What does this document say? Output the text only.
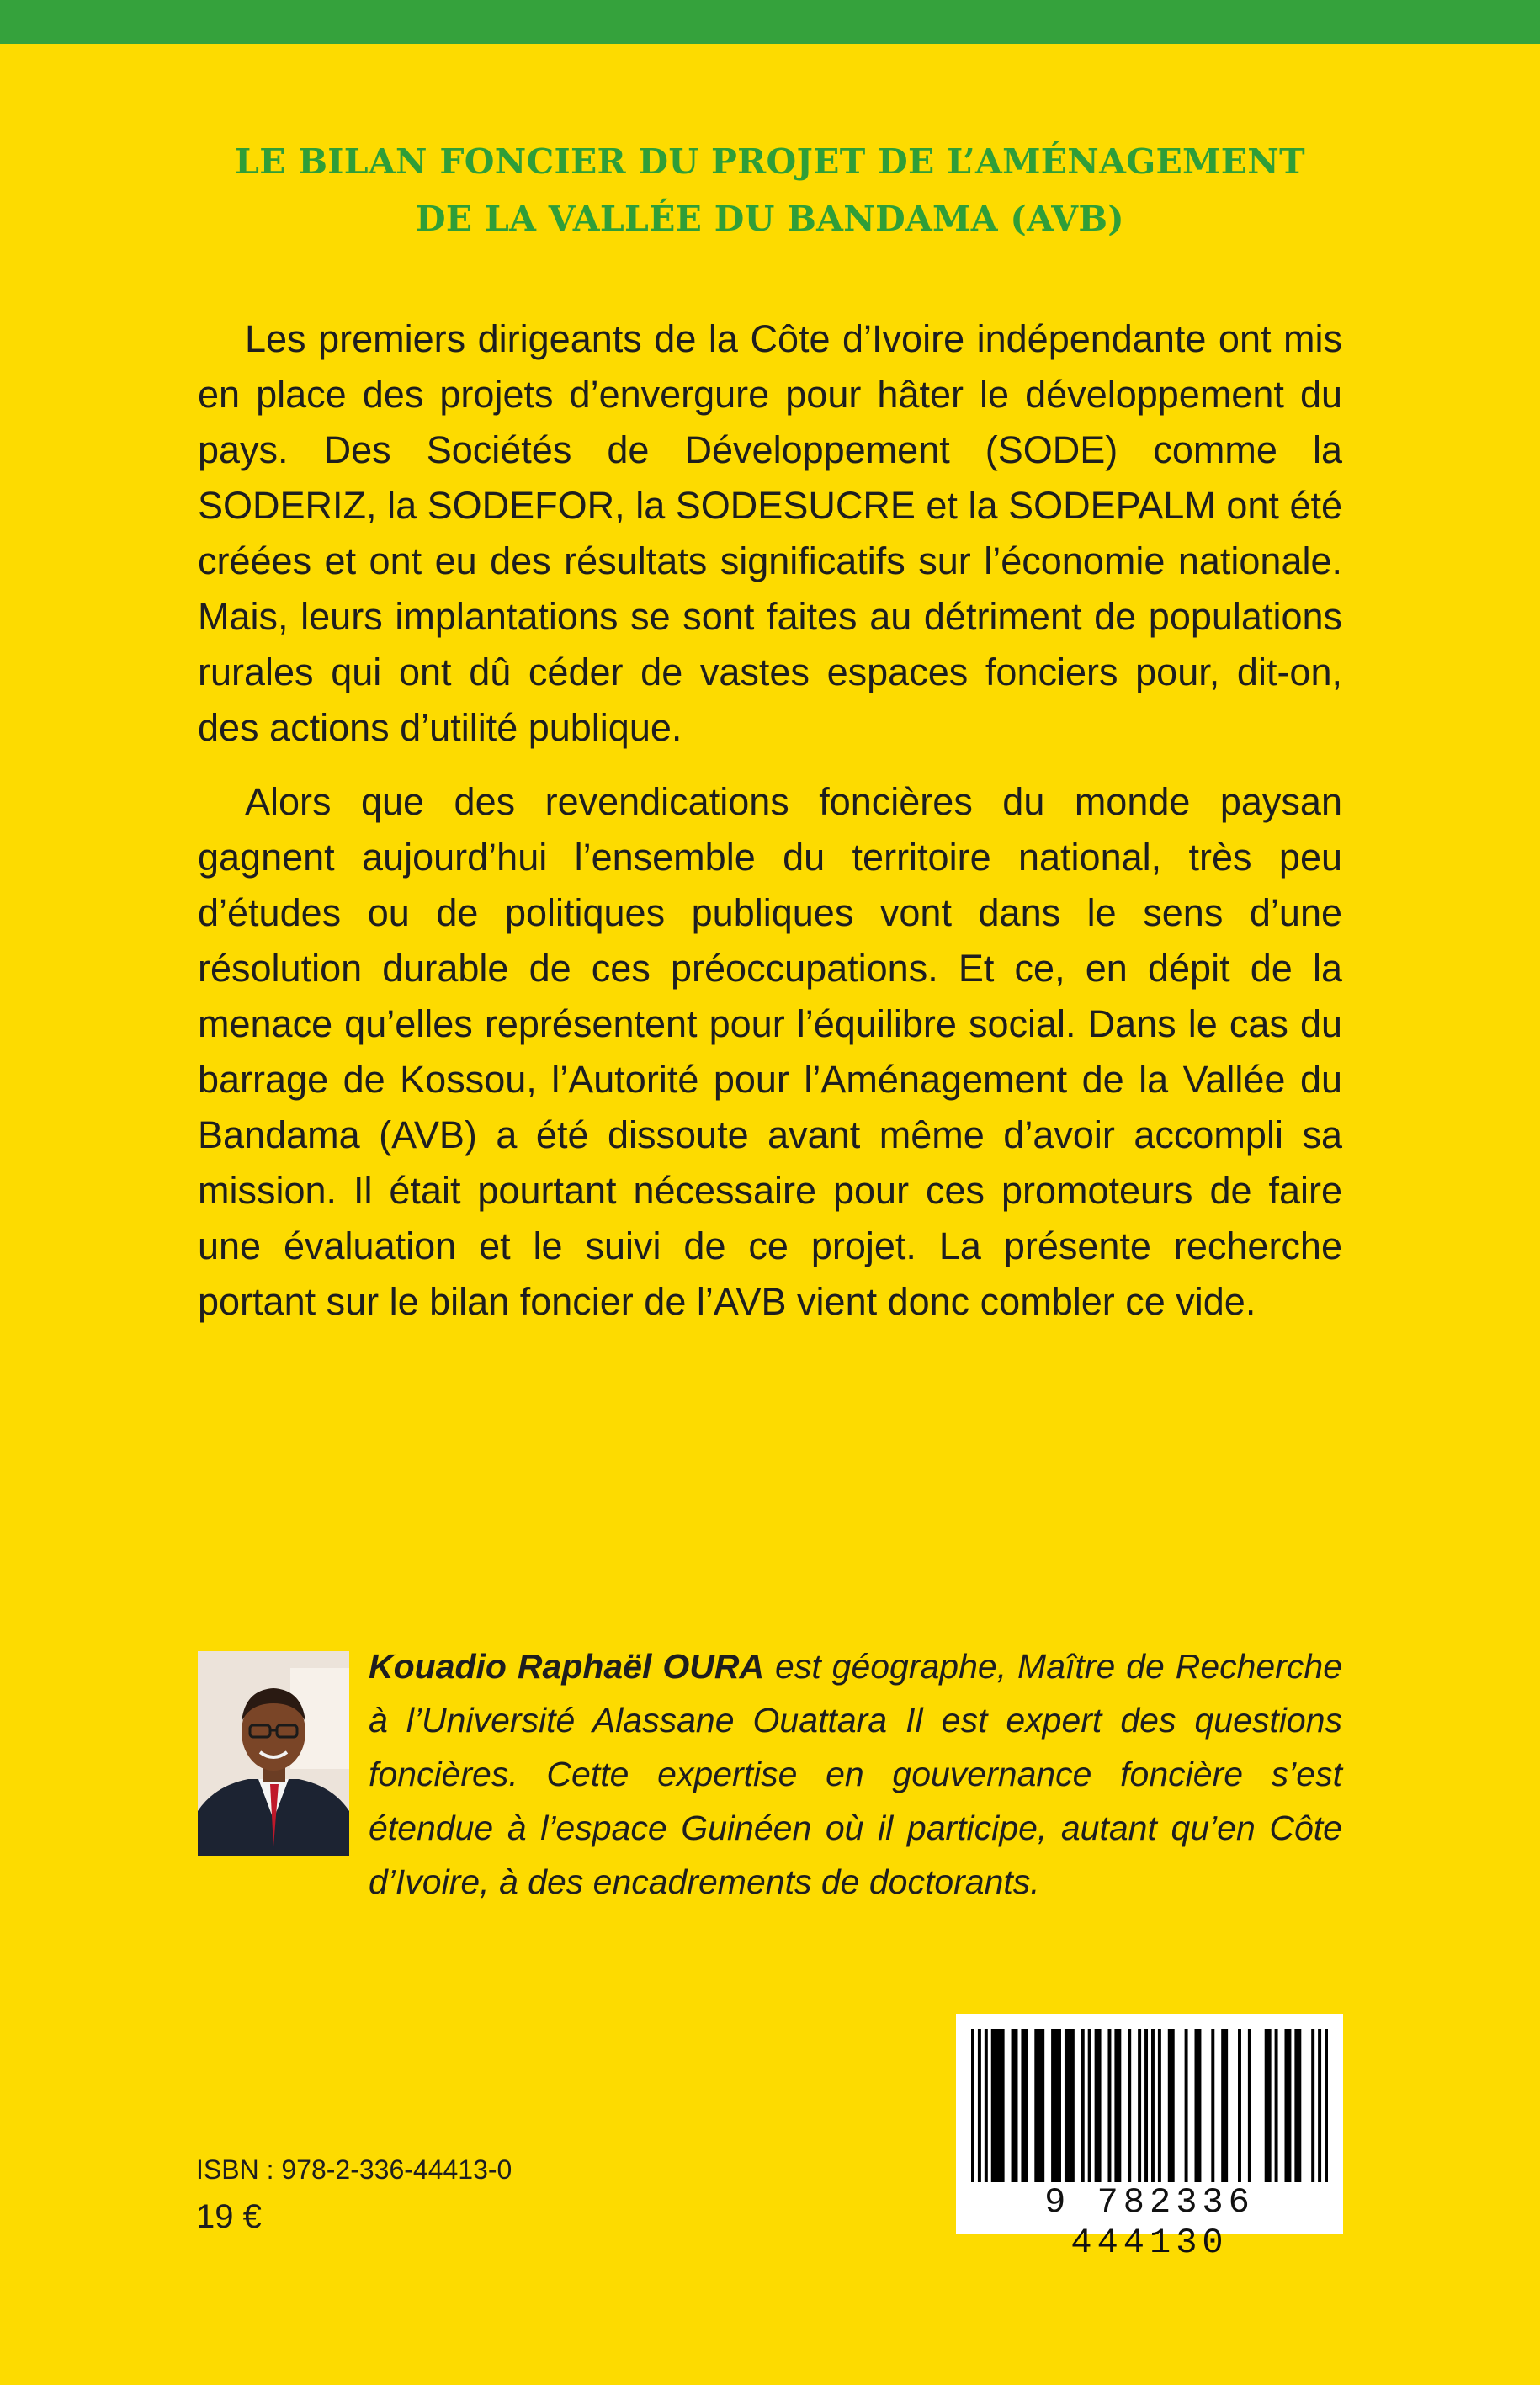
LE BILAN FONCIER DU PROJET DE L’AMÉNAGEMENT
DE LA VALLÉE DU BANDAMA (AVB)

Les premiers dirigeants de la Côte d’Ivoire indépendante ont mis en place des projets d’envergure pour hâter le développement du pays. Des Sociétés de Développement (SODE) comme la SODERIZ, la SODEFOR, la SODESUCRE et la SODEPALM ont été créées et ont eu des résultats significatifs sur l’économie nationale. Mais, leurs implantations se sont faites au détriment de populations rurales qui ont dû céder de vastes espaces fonciers pour, dit-on, des actions d’utilité publique.

Alors que des revendications foncières du monde paysan gagnent aujourd’hui l’ensemble du territoire national, très peu d’études ou de politiques publiques vont dans le sens d’une résolution durable de ces préoccupations. Et ce, en dépit de la menace qu’elles représentent pour l’équilibre social. Dans le cas du barrage de Kossou, l’Autorité pour l’Aménagement de la Vallée du Bandama (AVB) a été dissoute avant même d’avoir accompli sa mission. Il était pourtant nécessaire pour ces promoteurs de faire une évaluation et le suivi de ce projet. La présente recherche portant sur le bilan foncier de l’AVB vient donc combler ce vide.

Kouadio Raphaël OURA est géographe, Maître de Recherche à l’Université Alassane Ouattara Il est expert des questions foncières. Cette expertise en gouvernance foncière s’est étendue à l’espace Guinéen où il participe, autant qu’en Côte d’Ivoire, à des encadrements de doctorants.
ISBN : 978-2-336-44413-0
19 €	9 782336 444130
